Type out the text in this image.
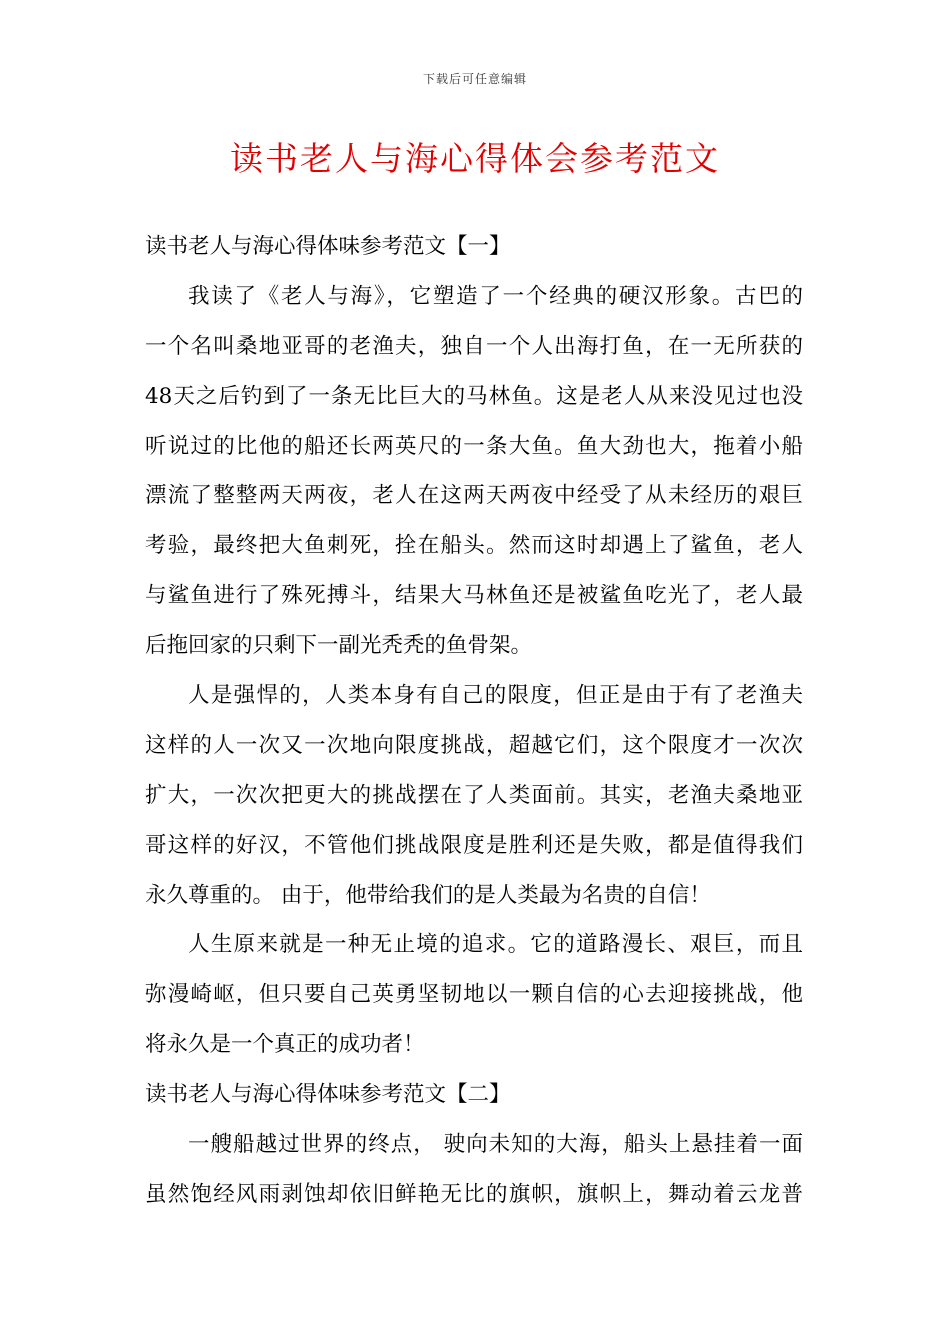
下载后可任意编辑
读书老人与海心得体会参考范文
读书老人与海心得体味参考范文【一】
我读了《老人与海》，它塑造了一个经典的硬汉形象。古巴的
一个名叫桑地亚哥的老渔夫，独自一个人出海打鱼，在一无所获的
48天之后钓到了一条无比巨大的马林鱼。这是老人从来没见过也没
听说过的比他的船还长两英尺的一条大鱼。鱼大劲也大，拖着小船
漂流了整整两天两夜，老人在这两天两夜中经受了从未经历的艰巨
考验，最终把大鱼刺死，拴在船头。然而这时却遇上了鲨鱼，老人
与鲨鱼进行了殊死搏斗，结果大马林鱼还是被鲨鱼吃光了，老人最
后拖回家的只剩下一副光秃秃的鱼骨架。
人是强悍的，人类本身有自己的限度，但正是由于有了老渔夫
这样的人一次又一次地向限度挑战，超越它们，这个限度才一次次
扩大，一次次把更大的挑战摆在了人类面前。其实，老渔夫桑地亚
哥这样的好汉，不管他们挑战限度是胜利还是失败，都是值得我们
永久尊重的。 由于，他带给我们的是人类最为名贵的自信！
人生原来就是一种无止境的追求。它的道路漫长、艰巨，而且
弥漫崎岖，但只要自己英勇坚韧地以一颗自信的心去迎接挑战，他
将永久是一个真正的成功者！
读书老人与海心得体味参考范文【二】
一艘船越过世界的终点， 驶向未知的大海，船头上悬挂着一面
虽然饱经风雨剥蚀却依旧鲜艳无比的旗帜，旗帜上，舞动着云龙普
